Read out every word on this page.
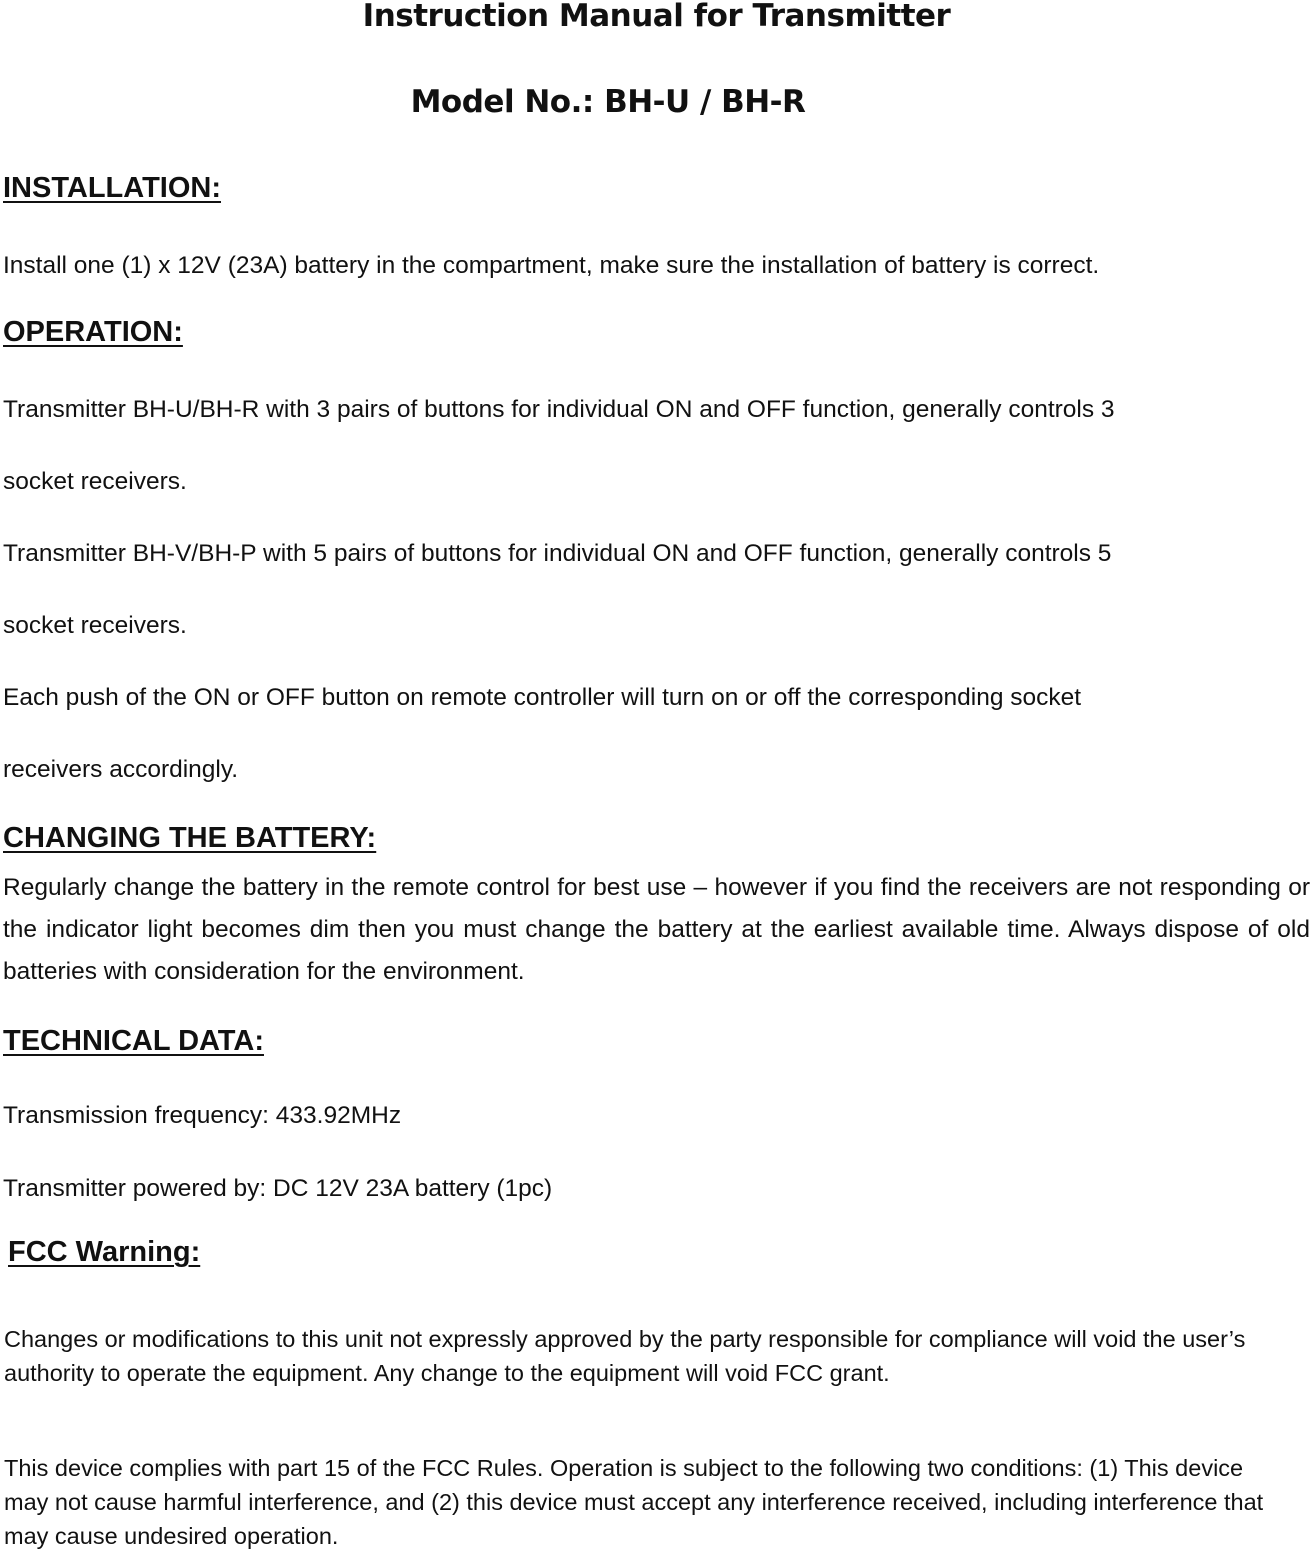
Instruction Manual for Transmitter
Model No.: BH-U / BH-R
INSTALLATION:

Install one (1) x 12V (23A) battery in the compartment, make sure the installation of battery is correct.

OPERATION:

Transmitter BH-U/BH-R with 3 pairs of buttons for individual ON and OFF function, generally controls 3

socket receivers.

Transmitter BH-V/BH-P with 5 pairs of buttons for individual ON and OFF function, generally controls 5

socket receivers.

Each push of the ON or OFF button on remote controller will turn on or off the corresponding socket

receivers accordingly.

CHANGING THE BATTERY:

Regularly change the battery in the remote control for best use – however if you find the receivers are not responding or the indicator light becomes dim then you must change the battery at the earliest available time. Always dispose of old batteries with consideration for the environment.

TECHNICAL DATA:

Transmission frequency: 433.92MHz

Transmitter powered by: DC 12V 23A battery (1pc)

FCC Warning:

Changes or modifications to this unit not expressly approved by the party responsible for compliance will void the user’s authority to operate the equipment. Any change to the equipment will void FCC grant.

This device complies with part 15 of the FCC Rules. Operation is subject to the following two conditions: (1) This device may not cause harmful interference, and (2) this device must accept any interference received, including interference that may cause undesired operation.
